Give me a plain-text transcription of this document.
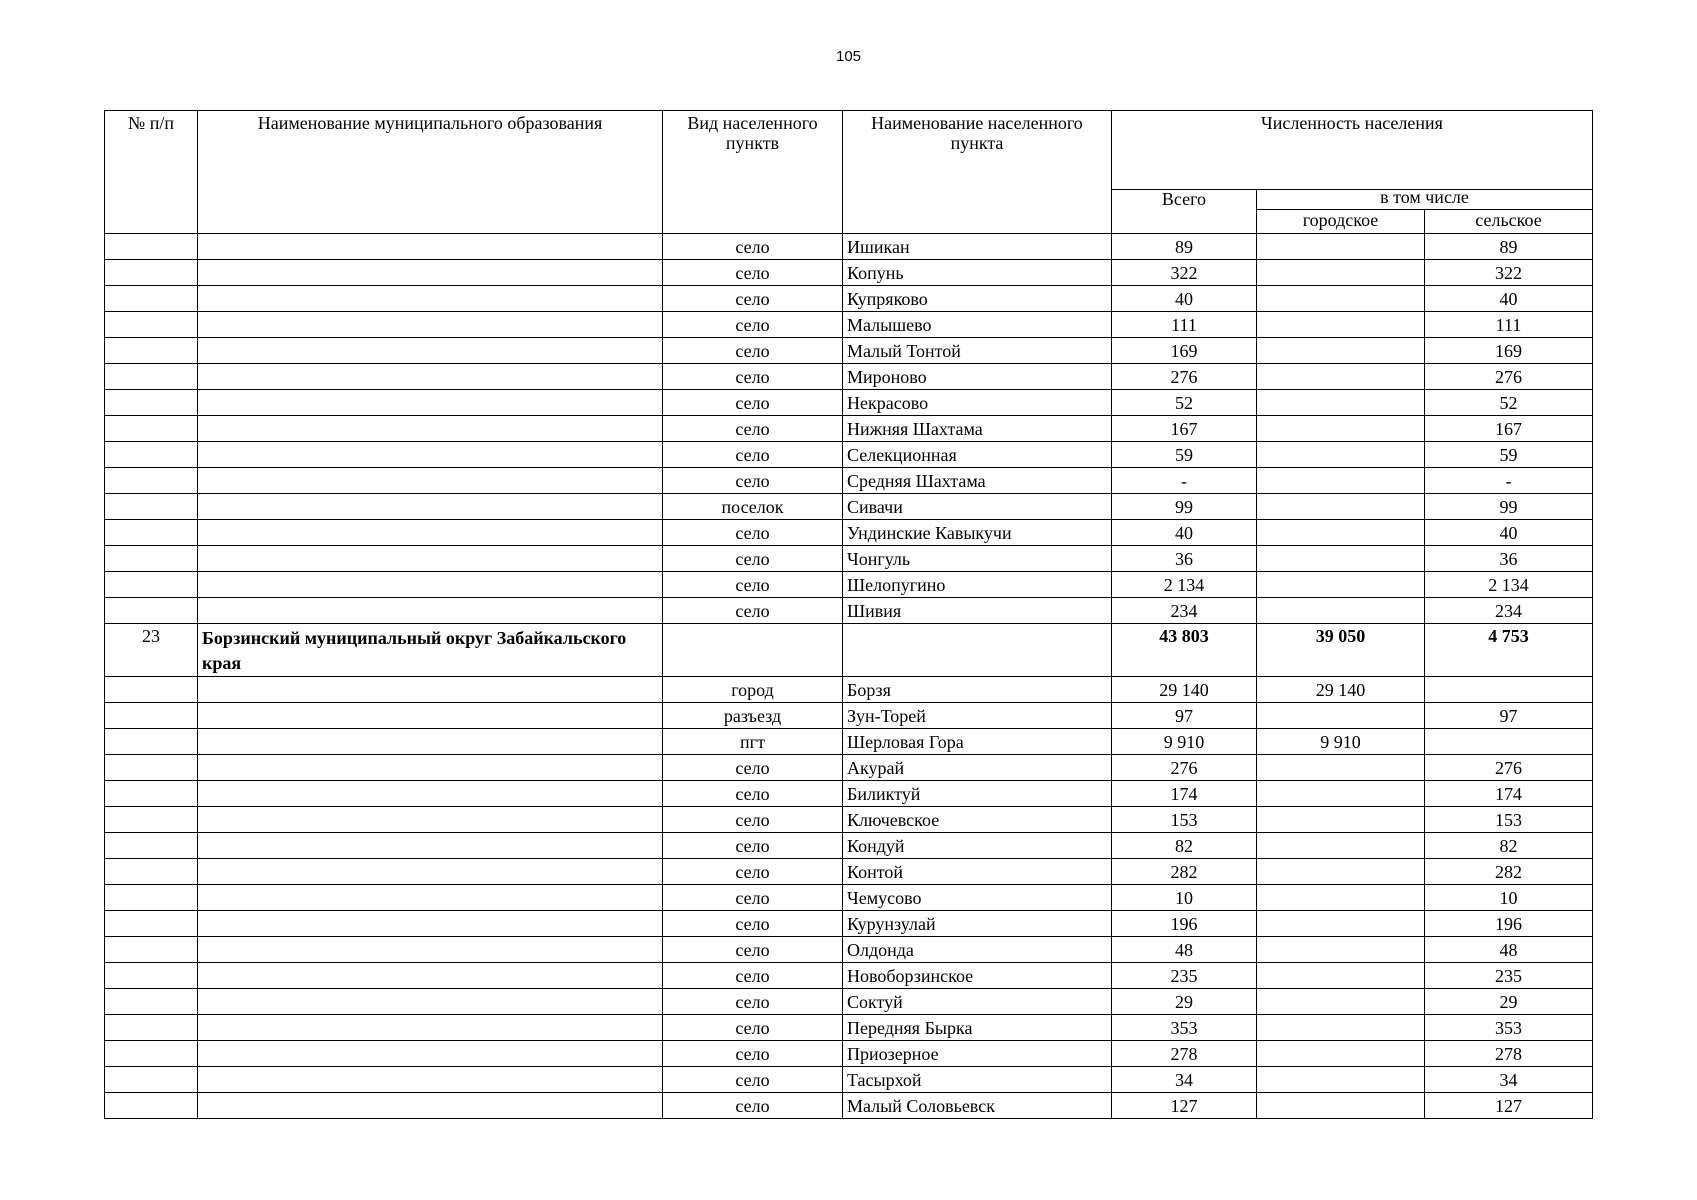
105
№ п/п	Наименование муниципального образования	Вид населенного пунктв	Наименование населенного пункта	Численность населения		
				Всего	в том числе	

					городское	сельское
		село	Ишикан	89		89
		село	Копунь	322		322
		село	Купряково	40		40
		село	Малышево	111		111
		село	Малый Тонтой	169		169
		село	Мироново	276		276
		село	Некрасово	52		52
		село	Нижняя Шахтама	167		167
		село	Селекционная	59		59
		село	Средняя Шахтама	-		-
		поселок	Сивачи	99		99
		село	Ундинские Кавыкучи	40		40
		село	Чонгуль	36		36
		село	Шелопугино	2 134		2 134
		село	Шивия	234		234
23	Борзинский муниципальный округ Забайкальского края			43 803	39 050	4 753
		город	Борзя	29 140	29 140	
		разъезд	Зун-Торей	97		97
		пгт	Шерловая Гора	9 910	9 910	
		село	Акурай	276		276
		село	Биликтуй	174		174
		село	Ключевское	153		153
		село	Кондуй	82		82
		село	Контой	282		282
		село	Чемусово	10		10
		село	Курунзулай	196		196
		село	Олдонда	48		48
		село	Новоборзинское	235		235
		село	Соктуй	29		29
		село	Передняя Бырка	353		353
		село	Приозерное	278		278
		село	Тасырхой	34		34
		село	Малый Соловьевск	127		127
